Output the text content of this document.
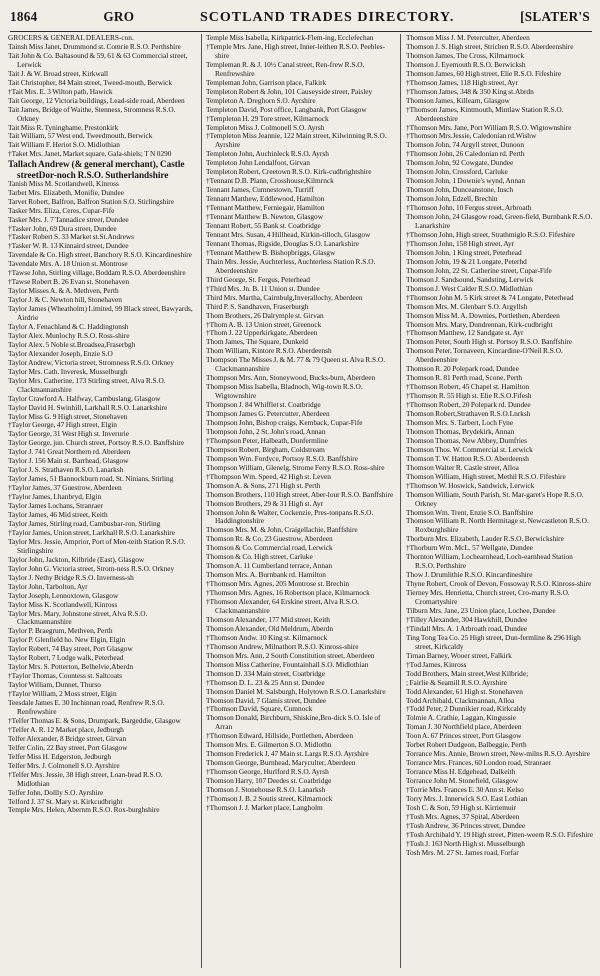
1864	GRO	SCOTLAND TRADES DIRECTORY.	[SLATER'S
GROCERS & GENERAL DEALERS-con.
Tainsh Miss Janet, Drummond st. Comrie R.S.O. Perthshire
Tait John & Co. Baltasound & 59, 61 & 63 Commercial street, Lerwick
Tait J. & W. Broad street, Kirkwall
Tait Christopher, 84 Main street, Tweed-mouth, Berwick
†Tait Mrs. E. 3 Wilton path, Hawick
Tait George, 12 Victoria buildings, Lead-side road, Aberdeen
Tait James, Bridge of Waithe, Stenness, Stromness R.S.O. Orkney
Tait Miss R. Tyninghame, Prestonkirk
Tait William, 57 West end, Tweedmouth, Berwick
Tait William F. Heriot S.O. Midlothian
†Taket Mrs. Janet, Market square, Gala-shiels; T N 0290
Tallach Andrew (& general merchant), Castle streetDor-noch R.S.O. Sutherlandshire
Tanish Miss M. Scotlandwell, Kinross
Tarbet Mrs. Elizabeth, Monifie, Dundee
Tarvet Robert, Balfron, Balfron Station S.O. Stirlingshire
Tasker Mrs. Eliza, Ceres, Cupar-Fife
Tasker Mrs. J. 7 Tannadice street, Dundee
†Tasker John, 69 Dura street, Dundee
†Tasker Robert S. 33 Market st.St.Andrews
†Tasker W. R. 13 Kinnaird street, Dundee
Tavendale & Co. High street, Banchory R.S.O. Kincardineshire
Tavendale Mrs. A. 18 Union st. Montrose
†Tawse John, Stirling village, Boddam R.S.O. Aberdeenshire
†Tawse Robert B. 26 Evan st. Stonehaven
Taylor Misses A. & A. Methven, Perth
Taylor J. & C. Newton hill, Stonehaven
Taylor James (Wheatholm) Limited, 99 Black street, Bawyards, Airdrie
Taylor A. Fenachland & C. Haddingtonsh
Taylor Alex. Munlochy R.S.O. Ross-shire
Taylor Alex. 5 Noble st.Broadsea,Fraserbgh
Taylor Alexander Joseph, Enzie S.O
Taylor Andrew, Victoria street, Stromness R.S.O. Orkney
Taylor Mrs. Cath. Inveresk, Musselburgh
Taylor Mrs. Catherine, 173 Stirling street, Alva R.S.O. Clackmannanshire
Taylor Crawford A. Halfway, Cambuslang, Glasgow
Taylor David H. Swinhill, Larkhall R.S.O. Lanarkshire
Taylor Miss G. 9 High street, Stonehaven
†Taylor George, 47 High street, Elgin
Taylor George, 31 West High st. Inverurie
Taylor George, jun. Church street, Portsoy R.S.O. Banffshire
Taylor J. 741 Great Northern rd. Aberdeen
Taylor J. 156 Main st. Barrhead, Glasgow
Taylor J. S. Strathaven R.S.O. Lanarksh
Taylor James, 51 Bannockburn road, St. Ninians, Stirling
†Taylor James, 37 Guestrow, Aberdeen
†Taylor James, Lhanbryd, Elgin
Taylor James Lochans, Stranraer
Taylor James, 46 Mid street, Keith
Taylor James, Stirling road, Cambusbar-ron, Stirling
†Taylor James, Union street, Larkhall R.S.O. Lanarkshire
Taylor Mrs. Jessie, Amprior, Port of Men-teith Station R.S.O. Stirlingshire
Taylor John, Jackton, Kilbride (East), Glasgow
Taylor John G. Victoria street, Strom-ness R.S.O. Orkney
Taylor J. Nethy Bridge R.S.O. Inverness-sh
Taylor John, Tarbolton, Ayr
Taylor Joseph, Lennoxtown, Glasgow
Taylor Miss K. Scotlandwell, Kinross
Taylor Mrs. Mary, Johnstone street, Alva R.S.O. Clackmannanshire
Taylor P. Braegrum, Methven, Perth
Taylor P. Glenfield ho. New Elgin, Elgin
Taylor Robert, 74 Bay street, Port Glasgow
Taylor Robert, 7 Lodge walk, Peterhead
Taylor Mrs. S. Potterton, Belhelvie,Aberdn
†Taylor Thomas, Countess st. Saltcoats
Taylor William, Dunnet, Thurso
†Taylor William, 2 Moss street, Elgin
Teesdale James E. 30 Inchinnan road, Renfrew R.S.O. Renfrewshire
†Telfer Thomas E. & Sons, Drumpark, Bargeddie, Glasgow
†Telfer A. R. 12 Market place, Jedburgh
Telfer Alexander, 8 Bridge street, Girvan
Telfer Colin, 22 Bay street, Port Glasgow
Telfer Miss H. Edgerston, Jedburgh
Telfer Mrs. J. Colmonell S.O. Ayrshire
†Telfer Mrs. Jessie, 38 High street, Loan-head R.S.O. Midlothian
Telfer John, Dollly S.O. Ayrshire
Telford J. 37 St. Mary st. Kirkcudbright
Temple Mrs. Helen, Abernm R.S.O. Rox-burghshire
Temple Miss Isabella, Kirkpatrick-Flem-ing, Ecclefechan
†Temple Mrs. Jane, High street, Inner-leithen R.S.O. Peebles-shire
Templeman R. & J. 10½ Canal street, Ren-frew R.S.O. Renfrewshire
Templeman John, Garrison place, Falkirk
Templeton Robert & John, 101 Causeyside street, Paisley
Templeton A. Dreghorn S.O. Ayrshire
Templeton David, Post office, Langbank, Port Glasgow
†Templeton H. 29 Tore street, Kilmarnock
Templeton Miss J. Colmonell S.O. Ayrsh
†Templeton Miss Jeannie, 122 Main street, Kilwinning R.S.O. Ayrshire
Templeton John, Auchinleck R.S.O. Ayrsh
Templeton John Lendalfoot, Girvan
Templeton Robert, Creetown R.S.O. Kirk-cudbrightshire
†Tennant D.B. Plann, Crosshouse,Kilmrnck
Tennant James, Cumnestown, Turriff
Tennant Matthew, Eddlewood, Hamilton
†Tennant Matthew, Ferniegair, Hamilton
†Tennant Matthew B. Newton, Glasgow
Tennant Robert, 55 Bank st. Coatbridge
Tennant Mrs. Susan, 4 Hillhead, Kirkin-tilloch, Glasgow
Tennant Thomas, Rigside, Douglas S.O. Lanarkshire
†Tennant Matthew B. Bishopbriggs, Glasgw
Thain Mrs. Jessie, Auchterless, Auchterless Station R.S.O. Aberdeenshire
Third George, St. Fergus, Peterhead
†Third Mrs. Jn. B. 11 Union st. Dundee
Third Mrs. Martha, Cairnbulg,Inverallochy, Aberdeen
Third P. S. Sandhaven, Fraserburgh
Thom Brothers, 26 Dalrymple st. Girvan
†Thom A. B. 13 Union street, Greenock
†Thom J. 22 Upperkirkgate, Aberdeen
Thom James, The Square, Dunkeld
Thom William, Kintore R.S.O. Aberdeensh
Thompson The Misses J. & M. 77 & 79 Queen st. Alva R.S.O. Clackmannanshire
Thompson Mrs. Ann, Stoneywood, Bucks-burn, Aberdeen
Thompson Miss Isabella, Bladnoch, Wig-town R.S.O. Wigtownshire
Thompson J. 84 Whifflet st. Coatbridge
Thompson James G. Petercutter, Aberdeen
Thompson John, Bishop craigs, Kemback, Cupar-Fife
Thompson John, 2 St. John's road, Annan
†Thompson Peter, Halbeath, Dunfermline
Thompson Robert, Birgham, Coldstream
Thompson Wm. Fordyce, Portsoy R.S.O. Banffshire
Thompson William, Glenelg, Strome Ferry R.S.O. Ross-shire
†Thompson Wm. Speed, 42 High st. Leven
Thomson A. & Sons, 271 High st. Perth
Thomson Brothers, 110 High street, Aber-lour R.S.O. Banffshire
Thomson Brothers, 29 & 31 High st. Ayr
Thomson John & Walter, Cockenzie, Pres-tonpans R.S.O. Haddingtonshire
Thomson Mrs. M. & John, Craigellachie, Banffshire
Thomson Rt. & Co. 23 Guestrow, Aberdeen
Thomson & Co. Commercial road, Lerwick
Thomson & Co. High street, Carluke
Thomson A. 11 Cumberland terrace, Annan
Thomson Mrs. A. Burnbank rd. Hamilton
†Thomson Mrs. Agnes, 205 Montrose st. Brechin
†Thomson Mrs. Agnes, 16 Robertson place, Kilmarnock
†Thomson Alexander, 64 Erskine street, Alva R.S.O. Clackmannanshire
Thomson Alexander, 177 Mid street, Keith
Thomson Alexander, Old Meldrum, Aberdn
†Thomson Andw. 10 King st. Kilmarnock
†Thomson Andrew, Milnathort R.S.O. Kinross-shire
Thomson Mrs. Ann, 2 South Constitution street, Aberdeen
Thomson Miss Catherine, Fountainhall S.O. Midlothian
Thomson D. 334 Main street, Coatbridge
†Thomson D. L. 23 & 25 Ann st. Dundee
Thomson Daniel M. Salsburgh, Holytown R.S.O. Lanarkshire
Thomson David, 7 Glamis street, Dundee
†Thomson David, Square, Cumnock
Thomson Donald, Birchburn, Shiskine,Bro-dick S.O. Isle of Arran
†Thomson Edward, Hillside, Portlethen, Aberdeen
Thomson Mrs. E. Gilmerton S.O. Midlothn
Thomson Frederick J. 47 Main st. Largs R.S.O. Ayrshire
Thomson George, Burnhead, Maryculter, Aberdeen
†Thomson George, Hurlford R.S.O. Ayrsh
Thomson Harry, 107 Deedes st. Coatbridge
Thomson J. Stonehouse R.S.O. Lanarksh
†Thomson J. B. 2 Soutis street, Kilmarnock
†Thomson J. J. Market place, Langholm
Thomson Miss J. M. Peterculter, Aberdeen
Thomson J. S. High street, Strichen R.S.O. Aberdeenshire
Thomson James, The Cross, Kilmarnock
Thomson J. Eyemouth R.S.O. Berwicksh
Thomson James, 60 High street, Elie R.S.O. Fifeshire
†Thomson James, 118 High street, Ayr
†Thomson James, 348 & 350 King st.Abrdn
Thomson James, Killearn, Glasgow
†Thomson James, Kintmouth, Mintlaw Station R.S.O. Aberdeenshire
†Thomson Mrs. Jane, Port William R.S.O. Wigtownshire
†Thomson Mrs.Jessie, Caledonian rd.Wishw
Thomson John, 74 Argyll street, Dunoon
†Thomson John, 26 Caledonian rd. Perth
Thomson John, 92 Cowgate, Dundee
Thomson John, Crossford, Carluke
Thomson John, 1 Downie's wynd, Annan
Thomson John, Dunceanstone, Insch
Thomson John, Edzell, Brechin
†Thomson John, 10 Fergus street, Arbroath
Thomson John, 24 Glasgow road, Green-field, Burnbank R.S.O. Lanarkshire
†Thomson John, High street, Strathmiglo R.S.O. Fifeshire
†Thomson John, 158 High street, Ayr
Thomson John, 1 King street, Peterhead
Thomson John, 19 & 21 Longate, Peterhd
Thomson John, 22 St. Catherine street, Cupar-Fife
Thomson J. Sandsound, Sandsting, Lerwick
Thomson J. West Calder R.S.O. Midlothian
†Thomson John M. 5 Kirk street & 74 Longate, Peterhead
Thomson Mrs. M. Glenbarr S.O. Argyllsh
Thomson Miss M. A. Downies, Portlethen, Aberdeen
Thomson Mrs. Mary, Dundrennan, Kirk-cudbright
†Thomson Matthew, 12 Sandgate st. Ayr
Thomson Peter, South High st. Portsoy R.S.O. Banffshire
Thomson Peter, Tornaveen, Kincardine-O'Neil R.S.O. Aberdeenshire
Thomson R. 20 Polepark road, Dundee
Thomson R. 81 Perth road, Scone, Perth
†Thomson Robert, 45 Chapel st. Hamilton
†Thomson R. 55 High st. Elie R.S.O.Fifesh
†Thomson Robert, 20 Polepark rd. Dundee
Thomson Robert,Strathaven R.S.O.Lnrksh
Thomson Mrs. S. Tarbert, Loch Fyne
Thomson Thomas, Brydekirk, Annan
Thomson Thomas, New Abbey, Dumfries
Thomson Thos. W. Commercial st. Lerwick
Thomson T. W. Hatton R.S.O. Aberdeensh
Thomson Walter R. Castle street, Alloa
Thomson William, High street, Methil R.S.O. Fifeshire
†Thomson W. Hoswick, Sandwick, Lerwick
Thomson William, South Parish, St. Mar-garet's Hope R.S.O. Orkney
Thomson Wm. Trent, Enzie S.O. Banffshire
Thomson William R. North Hermitage st. Newcastleton R.S.O. Roxburghshire
Thorburn Mrs. Elizabeth, Lauder R.S.O. Berwickshire
†Thorburn Wm. McL. 57 Wellgate, Dundee
Thornton William, Lochearnhead, Loch-earnhead Station R.S.O. Perthshire
Thow J. Drumlithie R.S.O. Kincardineshire
Thyne Robert, Crook of Devon, Fossoway R.S.O. Kinross-shire
Tierney Mrs. Henrietta, Church street, Cro-marty R.S.O. Cromartyshire
Tilburn Mrs. Jane, 23 Union place, Lochee, Dundee
†Tilley Alexander, 304 Hawkhill, Dundee
†Tindall Mrs. A. 1 Arbroath road, Dundee
Ting Tong Tea Co. 25 High street, Dun-fermline & 296 High street, Kirkcaldy
Tirnan Barney, Wooer street, Falkirk
†Tod James, Kinross
Todd Brothers, Main street,West Kilbride;
; Fairlie & Seamill R.S.O. Ayrshire
Todd Alexander, 61 High st. Stonehaven
Todd Archibald, Clackmannan, Alloa
†Todd Peter, 2 Dunnikier road, Kirkcaldy
Tolmie A. Crathie, Laggan, Kingussie
Toman J. 30 Northfield place, Aberdeen
Toon A. 67 Princes street, Port Glasgow
Torbet Robert Dudgeon, Balbeggie, Perth
Torrance Mrs. Annie, Brown street, New-milns R.S.O. Ayrshire
Torrance Mrs. Frances, 60 London road, Stranraer
Torrance Miss H. Edgehead, Dalkeith
Torrance John M. Stonefield, Glasgow
†Torrie Mrs. Frances E. 30 Ann st. Kelso
Torry Mrs. J. Innerwick S.O. East Lothian
Tosh C. & Son, 59 High st. Kirriemuir
†Tosh Mrs. Agnes, 37 Spital, Aberdeen
†Tosh Andrew, 36 Princes street, Dundee
†Tosh Archibald Y. 19 High street, Pitten-weem R.S.O. Fifeshire
†Tosh J. 163 North High st. Musselburgh
Tosh Mrs. M. 27 St. James road, Forfar
